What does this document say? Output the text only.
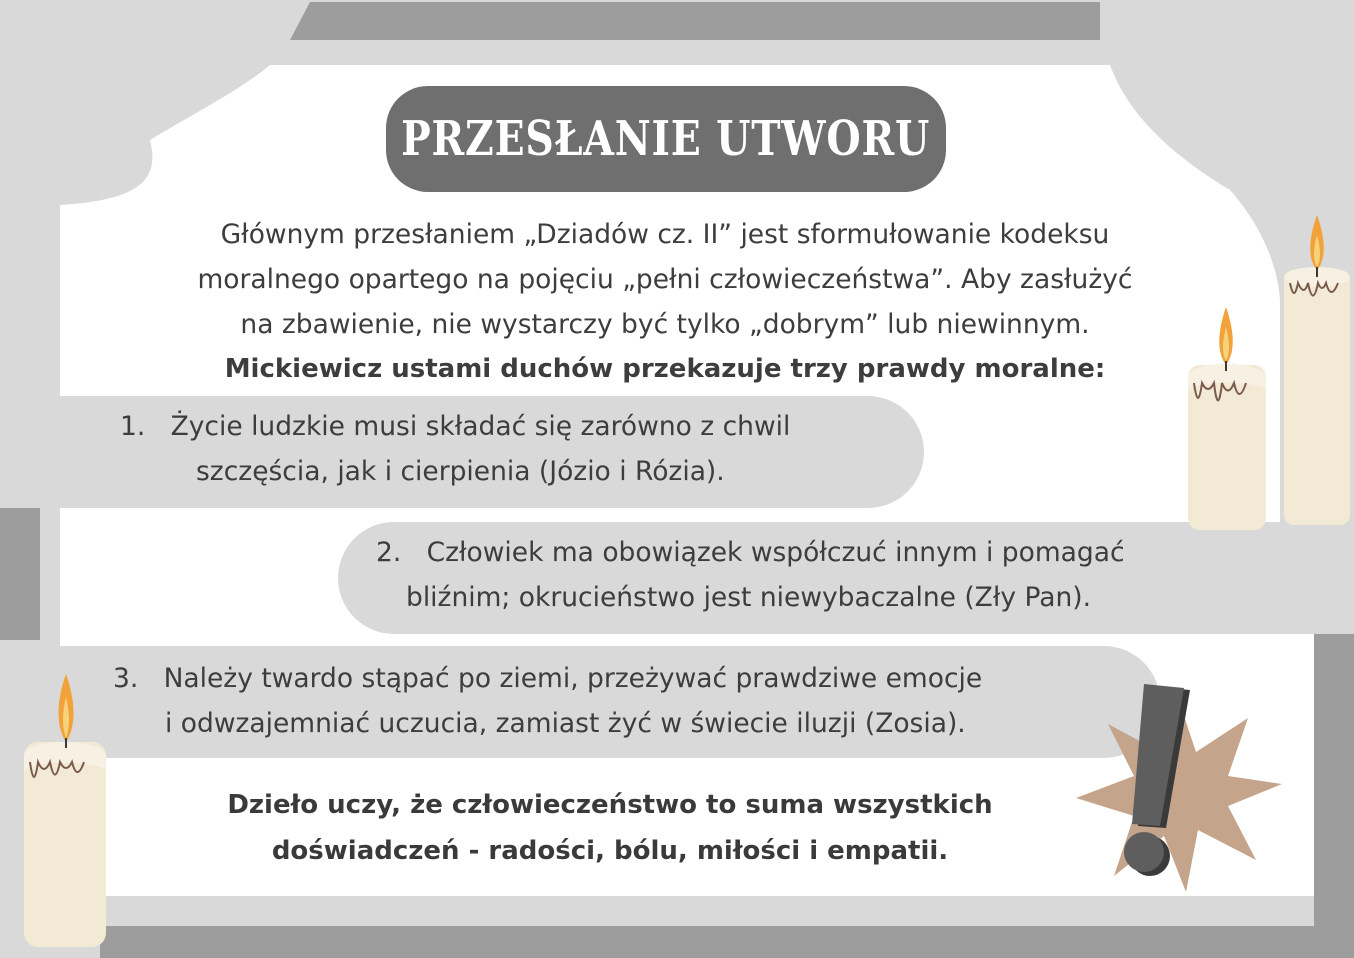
PRZESŁANIE UTWORU

Głównym przesłaniem „Dziadów cz. II” jest sformułowanie kodeksu

moralnego opartego na pojęciu „pełni człowieczeństwa”. Aby zasłużyć

na zbawienie, nie wystarczy być tylko „dobrym” lub niewinnym.

Mickiewicz ustami duchów przekazuje trzy prawdy moralne:

1. Życie ludzkie musi składać się zarówno z chwil
szczęścia, jak i cierpienia (Józio i Rózia).
2. Człowiek ma obowiązek współczuć innym i pomagać
bliźnim; okrucieństwo jest niewybaczalne (Zły Pan).
3. Należy twardo stąpać po ziemi, przeżywać prawdziwe emocje
i odwzajemniać uczucia, zamiast żyć w świecie iluzji (Zosia).

Dzieło uczy, że człowieczeństwo to suma wszystkich

doświadczeń - radości, bólu, miłości i empatii.
